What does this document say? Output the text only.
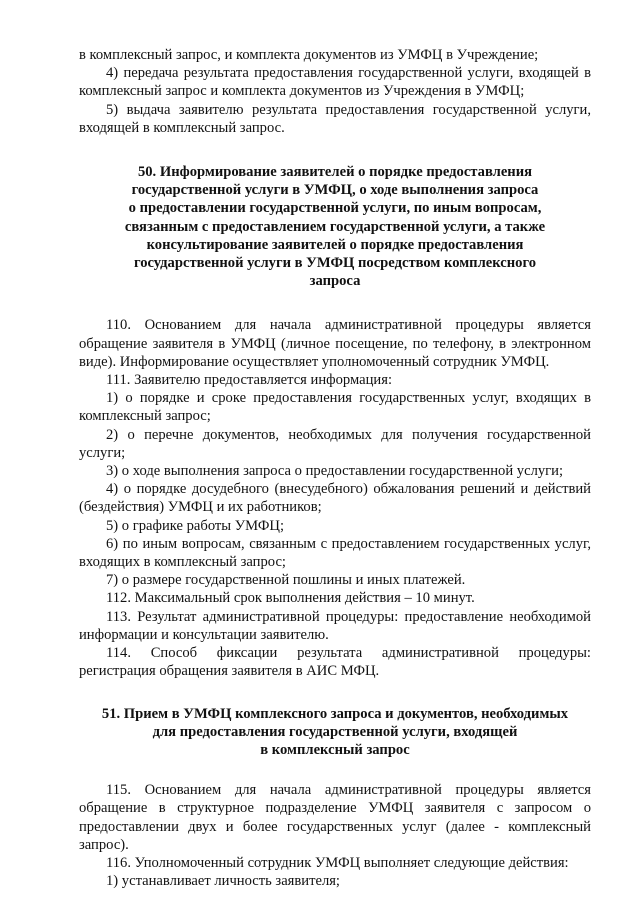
в комплексный запрос, и комплекта документов из УМФЦ в Учреждение;

4) передача результата предоставления государственной услуги, входящей в комплексный запрос и комплекта документов из Учреждения в УМФЦ;

5) выдача заявителю результата предоставления государственной услуги, входящей в комплексный запрос.

50. Информирование заявителей о порядке предоставления
государственной услуги в УМФЦ, о ходе выполнения запроса
о предоставлении государственной услуги, по иным вопросам,
связанным с предоставлением государственной услуги, а также
консультирование заявителей о порядке предоставления
государственной услуги в УМФЦ посредством комплексного
запроса

110. Основанием для начала административной процедуры является обращение заявителя в УМФЦ (личное посещение, по телефону, в электронном виде). Информирование осуществляет уполномоченный сотрудник УМФЦ.

111. Заявителю предоставляется информация:

1) о порядке и сроке предоставления государственных услуг, входящих в комплексный запрос;

2) о перечне документов, необходимых для получения государственной услуги;

3) о ходе выполнения запроса о предоставлении государственной услуги;

4) о порядке досудебного (внесудебного) обжалования решений и действий (бездействия) УМФЦ и их работников;

5) о графике работы УМФЦ;

6) по иным вопросам, связанным с предоставлением государственных услуг, входящих в комплексный запрос;

7) о размере государственной пошлины и иных платежей.

112. Максимальный срок выполнения действия – 10 минут.

113. Результат административной процедуры: предоставление необходимой информации и консультации заявителю.

114. Способ фиксации результата административной процедуры: регистрация обращения заявителя в АИС МФЦ.

51. Прием в УМФЦ комплексного запроса и документов, необходимых
для предоставления государственной услуги, входящей
в комплексный запрос

115. Основанием для начала административной процедуры является обращение в структурное подразделение УМФЦ заявителя с запросом о предоставлении двух и более государственных услуг (далее - комплексный запрос).

116. Уполномоченный сотрудник УМФЦ выполняет следующие действия:

1) устанавливает личность заявителя;
